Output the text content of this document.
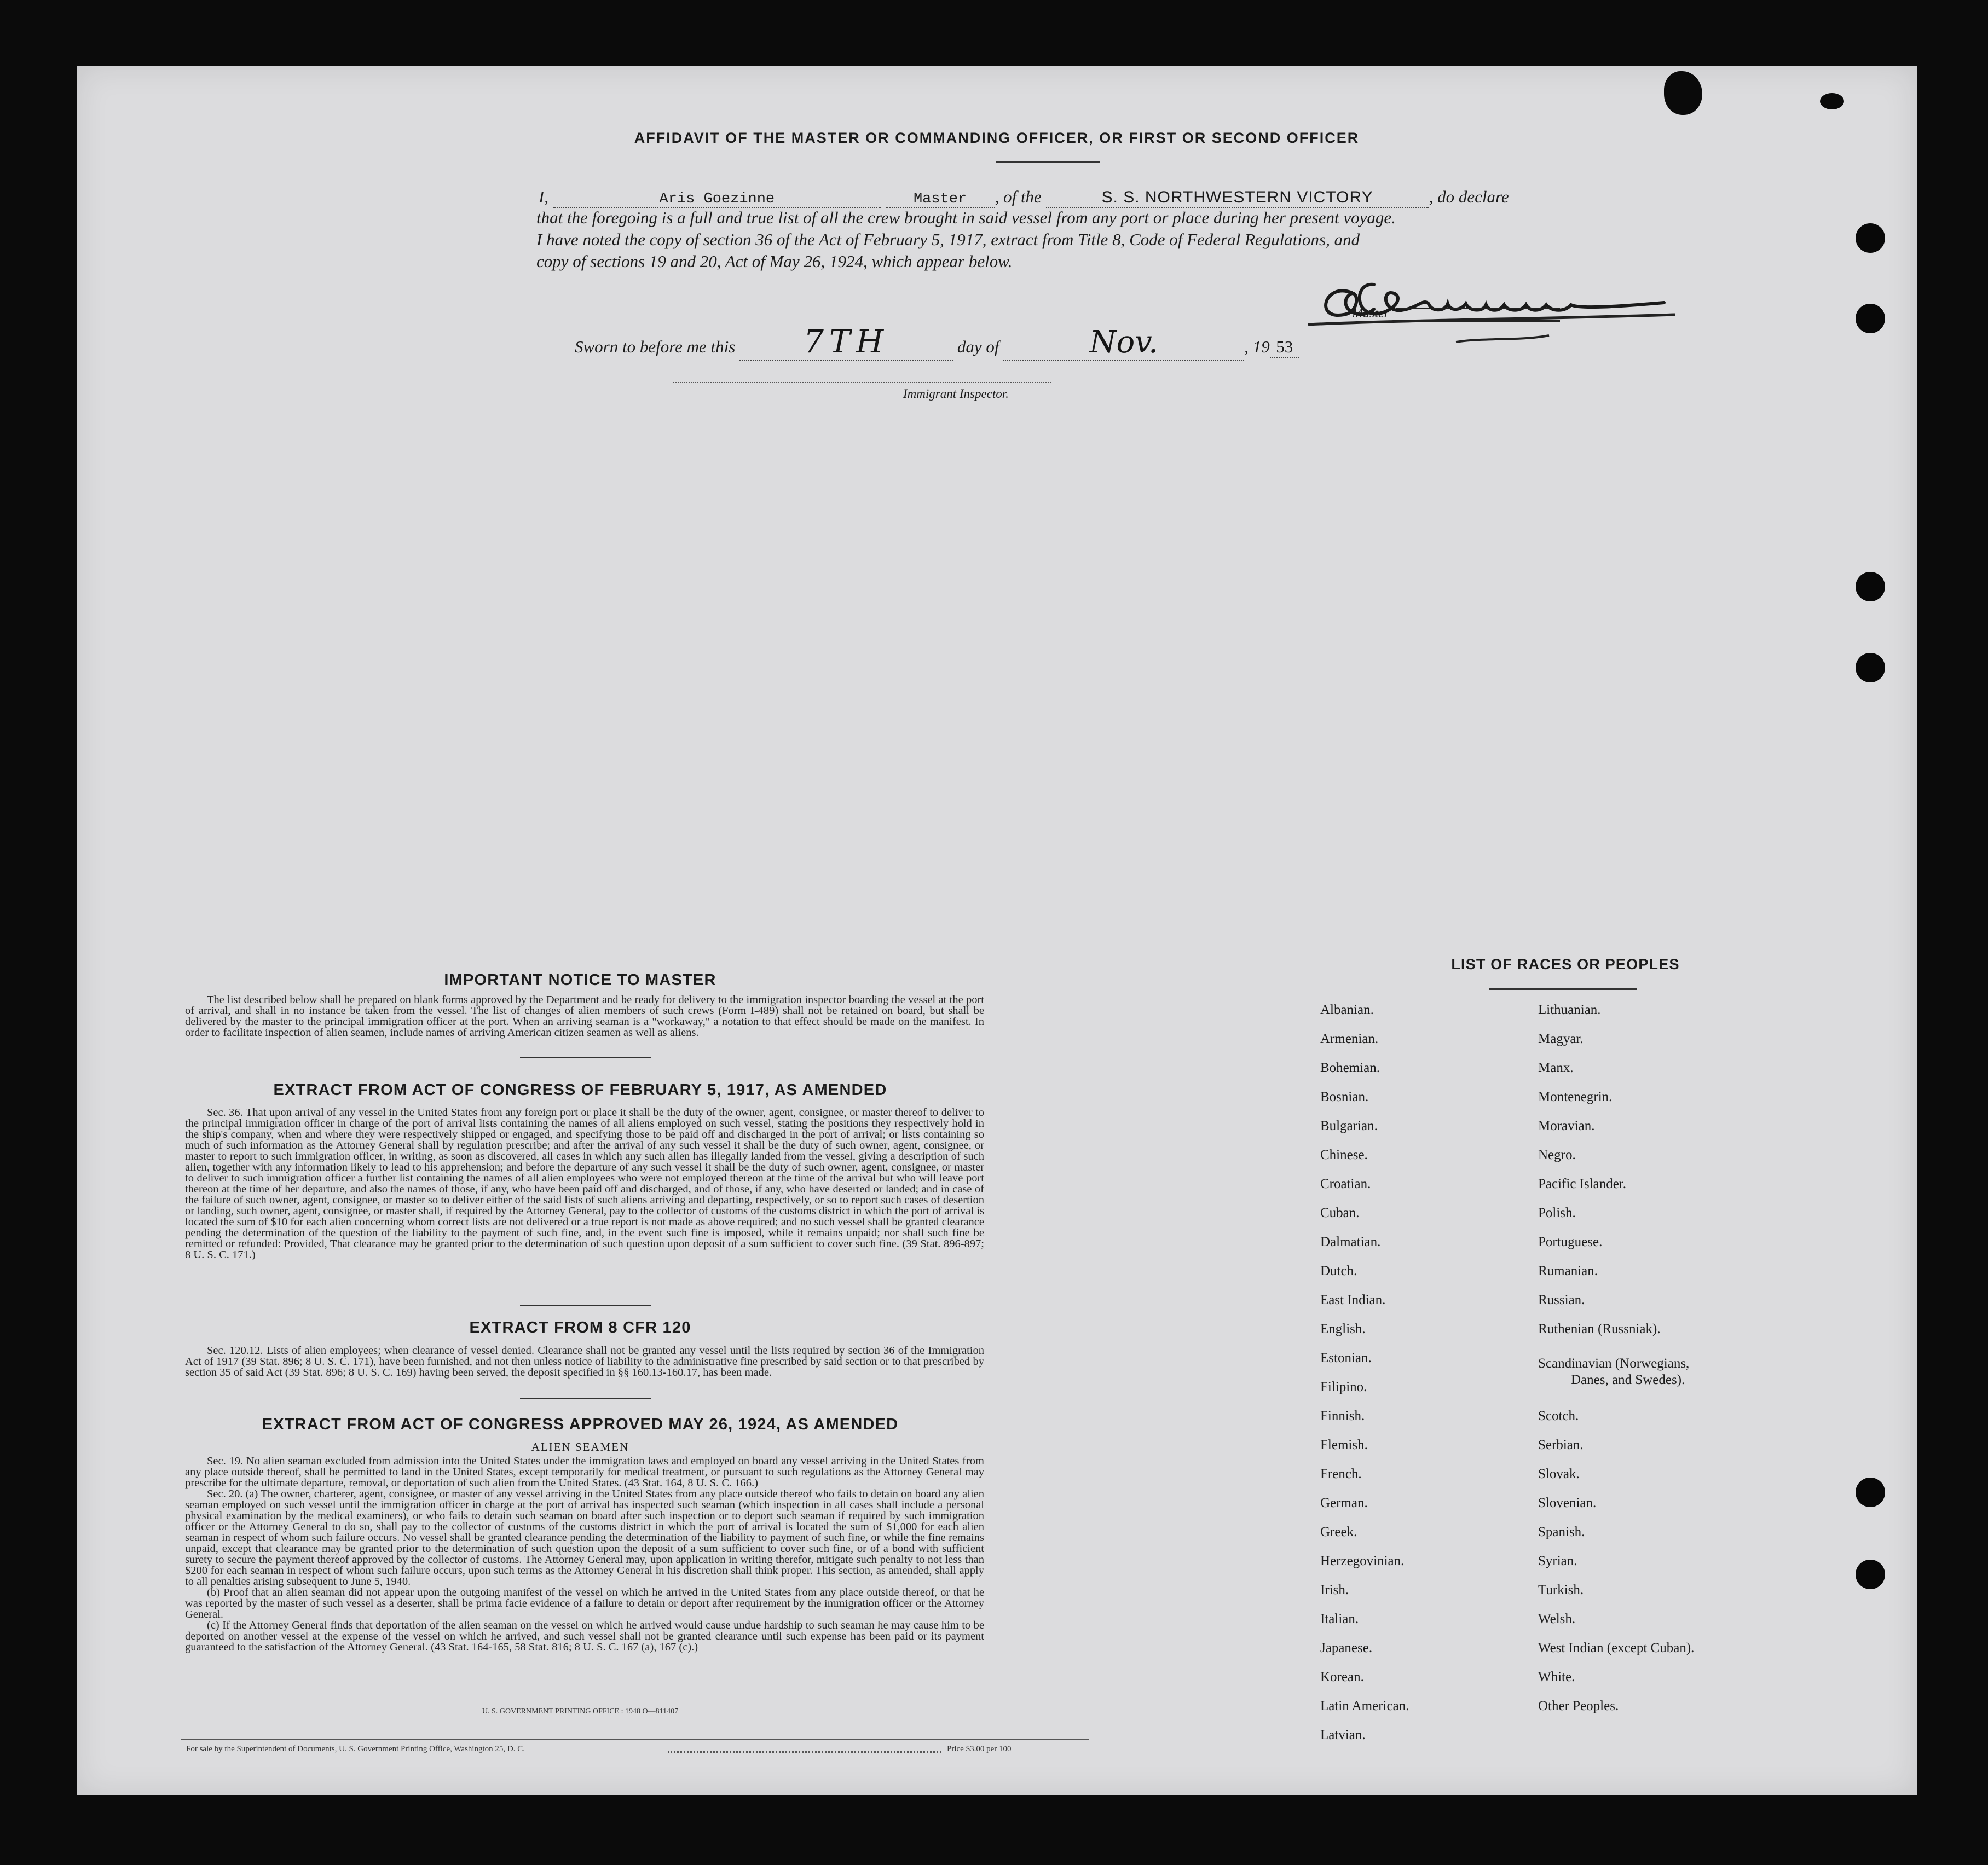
AFFIDAVIT OF THE MASTER OR COMMANDING OFFICER, OR FIRST OR SECOND OFFICER
I,	Aris Goezinne	Master , of the	S. S. NORTHWESTERN VICTORY	, do declare
that the foregoing is a full and true list of all the crew brought in said vessel from any port or place during her present voyage.
I have noted the copy of section 36 of the Act of February 5, 1917, extract from Title 8, Code of Federal Regulations, and
copy of sections 19 and 20, Act of May 26, 1924, which appear below.
Master
Sworn to before me this 7TH	day of	Nov.	, 19 53
Immigrant Inspector.
IMPORTANT NOTICE TO MASTER
The list described below shall be prepared on blank forms approved by the Department and be ready for delivery to the immigration inspector boarding the vessel at the port of arrival, and shall in no instance be taken from the vessel. The list of changes of alien members of such crews (Form I-489) shall not be retained on board, but shall be delivered by the master to the principal immigration officer at the port. When an arriving seaman is a "workaway," a notation to that effect should be made on the manifest. In order to facilitate inspection of alien seamen, include names of arriving American citizen seamen as well as aliens.
EXTRACT FROM ACT OF CONGRESS OF FEBRUARY 5, 1917, AS AMENDED
Sec. 36. That upon arrival of any vessel in the United States from any foreign port or place it shall be the duty of the owner, agent, consignee, or master thereof to deliver to the principal immigration officer in charge of the port of arrival lists containing the names of all aliens employed on such vessel, stating the positions they respectively hold in the ship's company, when and where they were respectively shipped or engaged, and specifying those to be paid off and discharged in the port of arrival; or lists containing so much of such information as the Attorney General shall by regulation prescribe; and after the arrival of any such vessel it shall be the duty of such owner, agent, consignee, or master to report to such immigration officer, in writing, as soon as discovered, all cases in which any such alien has illegally landed from the vessel, giving a description of such alien, together with any information likely to lead to his apprehension; and before the departure of any such vessel it shall be the duty of such owner, agent, consignee, or master to deliver to such immigration officer a further list containing the names of all alien employees who were not employed thereon at the time of the arrival but who will leave port thereon at the time of her departure, and also the names of those, if any, who have been paid off and discharged, and of those, if any, who have deserted or landed; and in case of the failure of such owner, agent, consignee, or master so to deliver either of the said lists of such aliens arriving and departing, respectively, or so to report such cases of desertion or landing, such owner, agent, consignee, or master shall, if required by the Attorney General, pay to the collector of customs of the customs district in which the port of arrival is located the sum of $10 for each alien concerning whom correct lists are not delivered or a true report is not made as above required; and no such vessel shall be granted clearance pending the determination of the question of the liability to the payment of such fine, and, in the event such fine is imposed, while it remains unpaid; nor shall such fine be remitted or refunded: Provided, That clearance may be granted prior to the determination of such question upon deposit of a sum sufficient to cover such fine. (39 Stat. 896-897; 8 U. S. C. 171.)
EXTRACT FROM 8 CFR 120
Sec. 120.12. Lists of alien employees; when clearance of vessel denied. Clearance shall not be granted any vessel until the lists required by section 36 of the Immigration Act of 1917 (39 Stat. 896; 8 U. S. C. 171), have been furnished, and not then unless notice of liability to the administrative fine prescribed by said section or to that prescribed by section 35 of said Act (39 Stat. 896; 8 U. S. C. 169) having been served, the deposit specified in §§ 160.13-160.17, has been made.
EXTRACT FROM ACT OF CONGRESS APPROVED MAY 26, 1924, AS AMENDED
ALIEN SEAMEN
Sec. 19. No alien seaman excluded from admission into the United States under the immigration laws and employed on board any vessel arriving in the United States from any place outside thereof, shall be permitted to land in the United States, except temporarily for medical treatment, or pursuant to such regulations as the Attorney General may prescribe for the ultimate departure, removal, or deportation of such alien from the United States. (43 Stat. 164, 8 U. S. C. 166.)
Sec. 20. (a) The owner, charterer, agent, consignee, or master of any vessel arriving in the United States from any place outside thereof who fails to detain on board any alien seaman employed on such vessel until the immigration officer in charge at the port of arrival has inspected such seaman (which inspection in all cases shall include a personal physical examination by the medical examiners), or who fails to detain such seaman on board after such inspection or to deport such seaman if required by such immigration officer or the Attorney General to do so, shall pay to the collector of customs of the customs district in which the port of arrival is located the sum of $1,000 for each alien seaman in respect of whom such failure occurs. No vessel shall be granted clearance pending the determination of the liability to payment of such fine, or while the fine remains unpaid, except that clearance may be granted prior to the determination of such question upon the deposit of a sum sufficient to cover such fine, or of a bond with sufficient surety to secure the payment thereof approved by the collector of customs. The Attorney General may, upon application in writing therefor, mitigate such penalty to not less than $200 for each seaman in respect of whom such failure occurs, upon such terms as the Attorney General in his discretion shall think proper. This section, as amended, shall apply to all penalties arising subsequent to June 5, 1940.
(b) Proof that an alien seaman did not appear upon the outgoing manifest of the vessel on which he arrived in the United States from any place outside thereof, or that he was reported by the master of such vessel as a deserter, shall be prima facie evidence of a failure to detain or deport after requirement by the immigration officer or the Attorney General.
(c) If the Attorney General finds that deportation of the alien seaman on the vessel on which he arrived would cause undue hardship to such seaman he may cause him to be deported on another vessel at the expense of the vessel on which he arrived, and such vessel shall not be granted clearance until such expense has been paid or its payment guaranteed to the satisfaction of the Attorney General. (43 Stat. 164-165, 58 Stat. 816; 8 U. S. C. 167 (a), 167 (c).)
U. S. GOVERNMENT PRINTING OFFICE : 1948 O—811407
For sale by the Superintendent of Documents, U. S. Government Printing Office, Washington 25, D. C.	Price $3.00 per 100
LIST OF RACES OR PEOPLES
Albanian.
Armenian.
Bohemian.
Bosnian.
Bulgarian.
Chinese.
Croatian.
Cuban.
Dalmatian.
Dutch.
East Indian.
English.
Estonian.
Filipino.
Finnish.
Flemish.
French.
German.
Greek.
Herzegovinian.
Irish.
Italian.
Japanese.
Korean.
Latin American.
Latvian.
Lithuanian.
Magyar.
Manx.
Montenegrin.
Moravian.
Negro.
Pacific Islander.
Polish.
Portuguese.
Rumanian.
Russian.
Ruthenian (Russniak).
Scandinavian (Norwegians,
Danes, and Swedes).
Scotch.
Serbian.
Slovak.
Slovenian.
Spanish.
Syrian.
Turkish.
Welsh.
West Indian (except Cuban).
White.
Other Peoples.
